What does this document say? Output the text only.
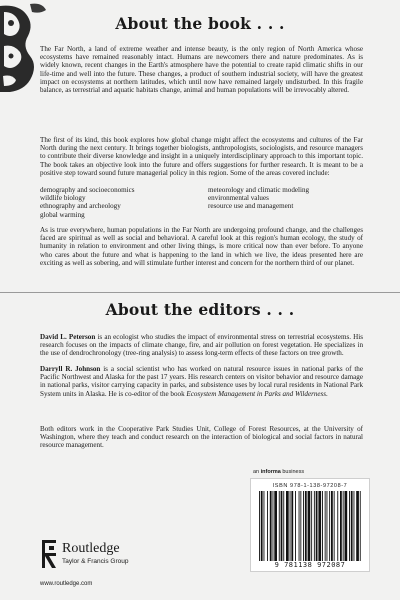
About the book . . .

The Far North, a land of extreme weather and intense beauty, is the only region of North America whose ecosystems have remained reasonably intact. Humans are newcomers there and nature predominates. As is widely known, recent changes in the Earth's atmosphere have the potential to create rapid climatic shifts in our life-time and well into the future. These changes, a product of southern industrial society, will have the greatest impact on ecosystems at northern latitudes, which until now have remained largely undisturbed. In this fragile balance, as terrestrial and aquatic habitats change, animal and human populations will be irrevocably altered.

The first of its kind, this book explores how global change might affect the ecosystems and cultures of the Far North during the next century. It brings together biologists, anthropologists, sociologists, and resource managers to contribute their diverse knowledge and insight in a uniquely interdisciplinary approach to this important topic. The book takes an objective look into the future and offers suggestions for further research. It is meant to be a positive step toward sound future managerial policy in this region. Some of the areas covered include:

demography and socioeconomics	meteorology and climatic modeling
wildlife biology	environmental values
ethnography and archeology	resource use and management
global warming

As is true everywhere, human populations in the Far North are undergoing profound change, and the challenges faced are spiritual as well as social and behavioral. A careful look at this region's human ecology, the study of humanity in relation to environment and other living things, is more critical now than ever before. To anyone who cares about the future and what is happening to the land in which we live, the ideas presented here are exciting as well as sobering, and will stimulate further interest and concern for the northern third of our planet.

About the editors . . .

David L. Peterson is an ecologist who studies the impact of environmental stress on terrestrial ecosystems. His research focuses on the impacts of climate change, fire, and air pollution on forest vegetation. He specializes in the use of dendrochronology (tree-ring analysis) to assess long-term effects of these factors on tree growth.

Darryll R. Johnson is a social scientist who has worked on natural resource issues in national parks of the Pacific Northwest and Alaska for the past 17 years. His research centers on visitor behavior and resource damage in national parks, visitor carrying capacity in parks, and subsistence uses by local rural residents in National Park System units in Alaska. He is co-editor of the book Ecosystem Management in Parks and Wilderness.

Both editors work in the Cooperative Park Studies Unit, College of Forest Resources, at the University of Washington, where they teach and conduct research on the interaction of biological and social factors in natural resource management.

an informa business
ISBN 978-1-138-97208-7
9 781138 972087
Routledge
Taylor & Francis Group
www.routledge.com
